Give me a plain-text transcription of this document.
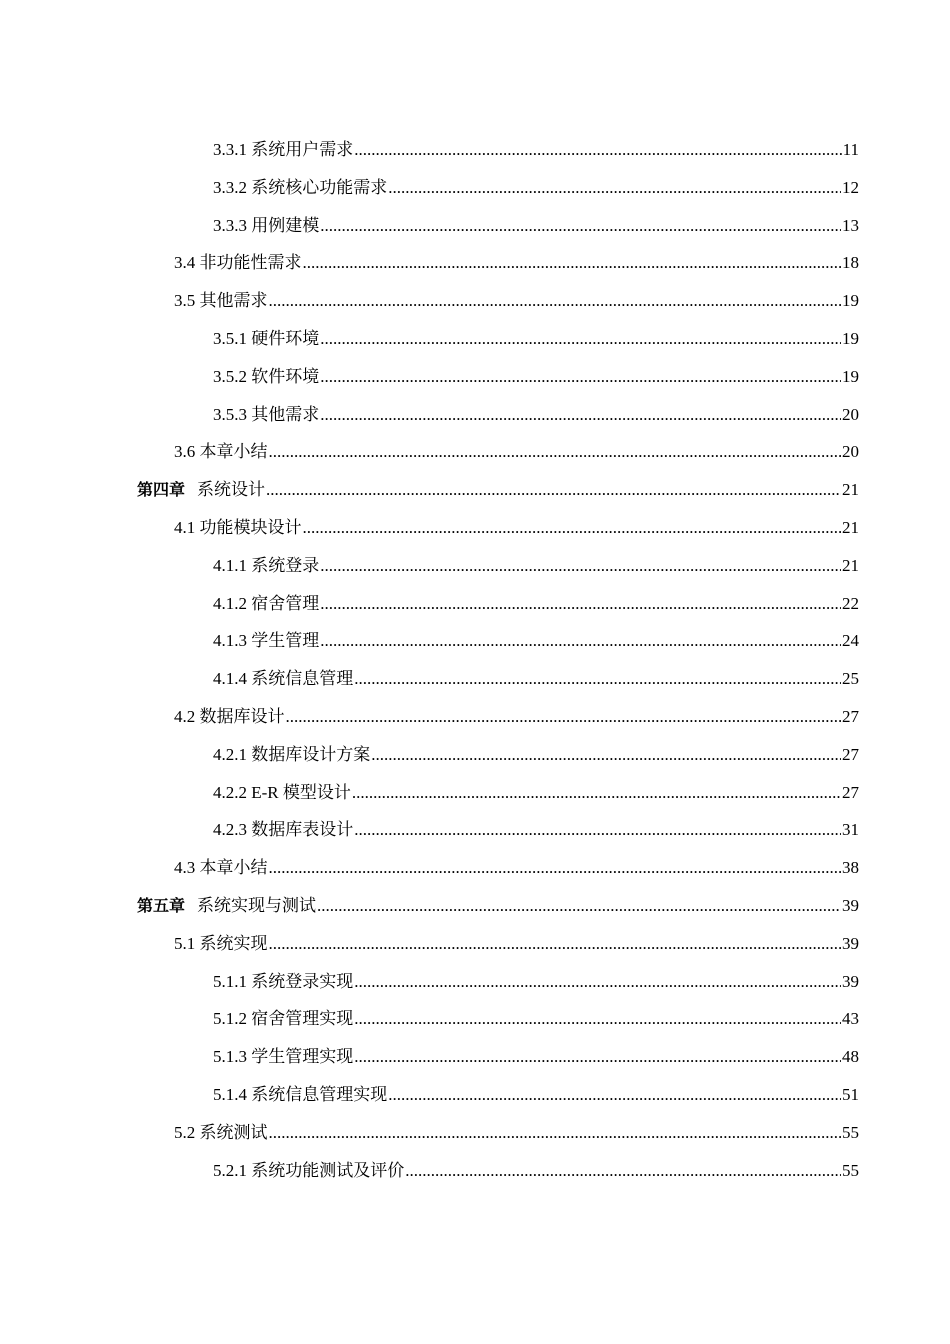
3.3.1 系统用户需求 .....	11
3.3.2 系统核心功能需求 .....	12
3.3.3 用例建模 .....	13
3.4 非功能性需求 .....	18
3.5 其他需求 .....	19
3.5.1 硬件环境 .....	19
3.5.2 软件环境 .....	19
3.5.3 其他需求 .....	20
3.6 本章小结 .....	20
第四章 系统设计 .....	21
4.1 功能模块设计 .....	21
4.1.1 系统登录 .....	21
4.1.2 宿舍管理 .....	22
4.1.3 学生管理 .....	24
4.1.4 系统信息管理 .....	25
4.2 数据库设计 .....	27
4.2.1 数据库设计方案 .....	27
4.2.2 E-R 模型设计 .....	27
4.2.3 数据库表设计 .....	31
4.3 本章小结 .....	38
第五章 系统实现与测试 .....	39
5.1 系统实现 .....	39
5.1.1 系统登录实现 .....	39
5.1.2 宿舍管理实现 .....	43
5.1.3 学生管理实现 .....	48
5.1.4 系统信息管理实现 .....	51
5.2 系统测试 .....	55
5.2.1 系统功能测试及评价 .....	55
